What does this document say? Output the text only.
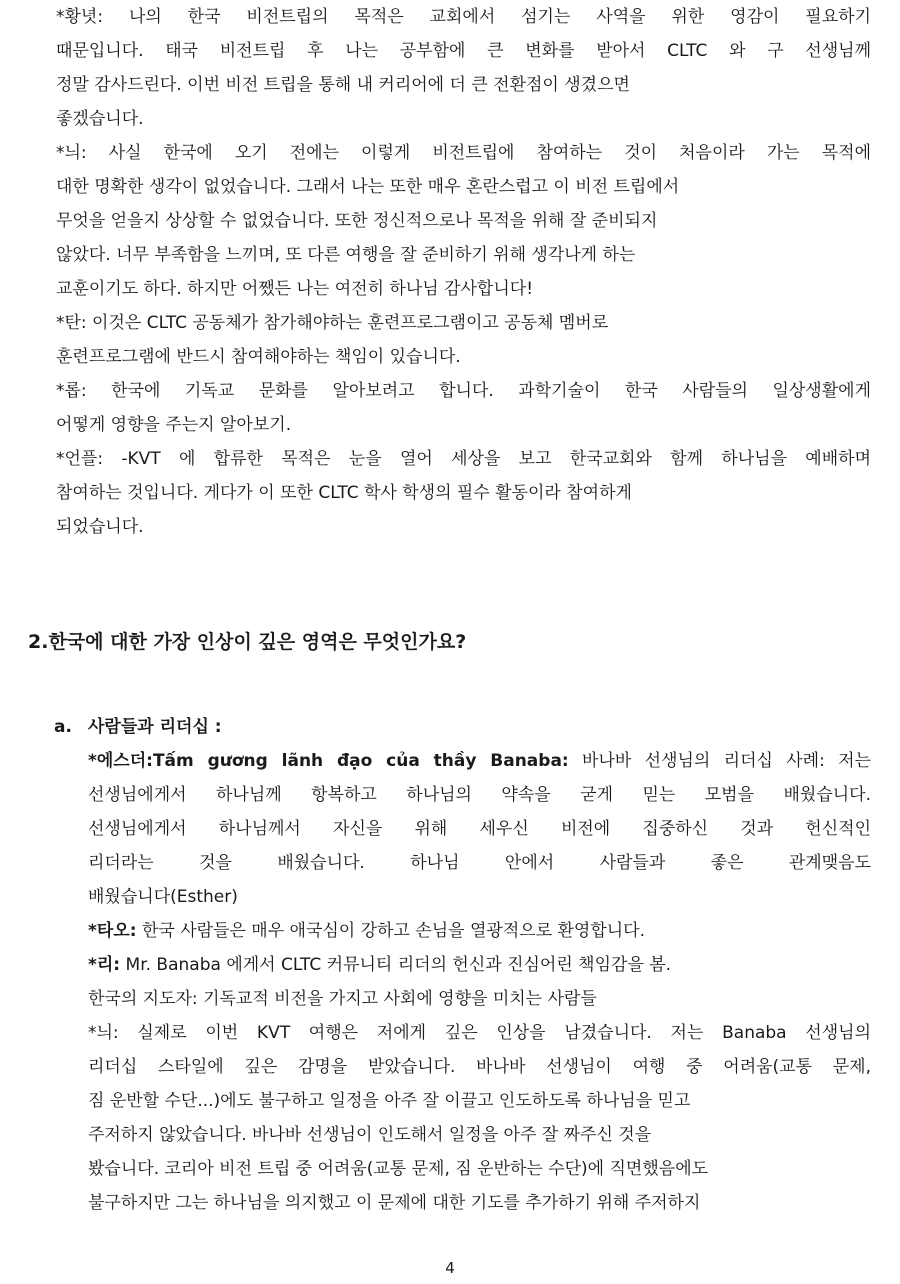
*황녓: 나의 한국 비전트립의 목적은 교회에서 섬기는 사역을 위한 영감이 필요하기
때문입니다. 태국 비전트립 후 나는 공부함에 큰 변화를 받아서 CLTC 와 구 선생님께
정말 감사드린다. 이번 비전 트립을 통해 내 커리어에 더 큰 전환점이 생겼으면
좋겠습니다.
*늬: 사실 한국에 오기 전에는 이렇게 비전트립에 참여하는 것이 처음이라 가는 목적에
대한 명확한 생각이 없었습니다. 그래서 나는 또한 매우 혼란스럽고 이 비전 트립에서
무엇을 얻을지 상상할 수 없었습니다. 또한 정신적으로나 목적을 위해 잘 준비되지
않았다. 너무 부족함을 느끼며, 또 다른 여행을 잘 준비하기 위해 생각나게 하는
교훈이기도 하다. 하지만 어쨌든 나는 여전히 하나님 감사합니다!
*탄: 이것은 CLTC 공동체가 참가해야하는 훈련프로그램이고 공동체 멤버로
훈련프로그램에 반드시 참여해야하는 책임이 있습니다.
*롭: 한국에 기독교 문화를 알아보려고 합니다. 과학기술이 한국 사람들의 일상생활에게
어떻게 영향을 주는지 알아보기.
*언플: -KVT 에 합류한 목적은 눈을 열어 세상을 보고 한국교회와 함께 하나님을 예배하며
참여하는 것입니다. 게다가 이 또한 CLTC 학사 학생의 필수 활동이라 참여하게
되었습니다.
2.한국에 대한 가장 인상이 깊은 영역은 무엇인가요?
a. 사람들과 리더십 :
*에스더:Tấm gương lãnh đạo của thầy Banaba: 바나바 선생님의 리더십 사례: 저는
선생님에게서 하나님께 항복하고 하나님의 약속을 굳게 믿는 모범을 배웠습니다.
선생님에게서 하나님께서 자신을 위해 세우신 비전에 집중하신 것과 헌신적인
리더라는 것을 배웠습니다. 하나님 안에서 사람들과 좋은 관계맺음도
배웠습니다(Esther)
*타오: 한국 사람들은 매우 애국심이 강하고 손님을 열광적으로 환영합니다.
*리: Mr. Banaba 에게서 CLTC 커뮤니티 리더의 헌신과 진심어린 책임감을 봄.
한국의 지도자: 기독교적 비전을 가지고 사회에 영향을 미치는 사람들
*늬: 실제로 이번 KVT 여행은 저에게 깊은 인상을 남겼습니다. 저는 Banaba 선생님의
리더십 스타일에 깊은 감명을 받았습니다. 바나바 선생님이 여행 중 어려움(교통 문제,
짐 운반할 수단...)에도 불구하고 일정을 아주 잘 이끌고 인도하도록 하나님을 믿고
주저하지 않았습니다. 바나바 선생님이 인도해서 일정을 아주 잘 짜주신 것을
봤습니다. 코리아 비전 트립 중 어려움(교통 문제, 짐 운반하는 수단)에 직면했음에도
불구하지만 그는 하나님을 의지했고 이 문제에 대한 기도를 추가하기 위해 주저하지
4
